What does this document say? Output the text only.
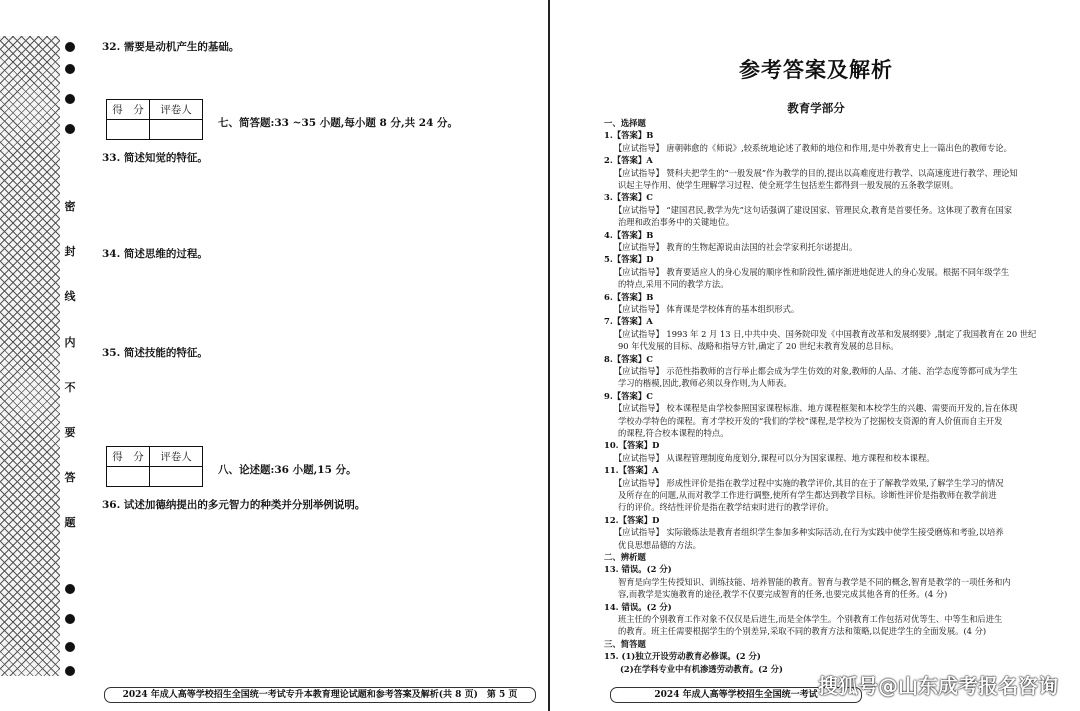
密
封
线
内
不
要
答
题
32. 需要是动机产生的基础。
得　分	评卷人

七、简答题:33 ~35 小题,每小题 8 分,共 24 分。
33. 简述知觉的特征。
34. 简述思维的过程。
35. 简述技能的特征。
得　分	评卷人

八、论述题:36 小题,15 分。
36. 试述加德纳提出的多元智力的种类并分别举例说明。
2024 年成人高等学校招生全国统一考试专升本教育理论试题和参考答案及解析(共 8 页)　第 5 页
参考答案及解析
教育学部分
一、选择题
1.【答案】B
【应试指导】 唐朝韩愈的《师说》,较系统地论述了教师的地位和作用,是中外教育史上一篇出色的教师专论。
2.【答案】A
【应试指导】 赞科夫把学生的“一般发展”作为教学的目的,提出以高难度进行教学、以高速度进行教学、理论知
识起主导作用、使学生理解学习过程、使全班学生包括差生都得到一般发展的五条教学原则。
3.【答案】C
【应试指导】 “建国君民,教学为先”这句话强调了建设国家、管理民众,教育是首要任务。这体现了教育在国家
治理和政治事务中的关键地位。
4.【答案】B
【应试指导】 教育的生物起源说由法国的社会学家利托尔诺提出。
5.【答案】D
【应试指导】 教育要适应人的身心发展的顺序性和阶段性,循序渐进地促进人的身心发展。根据不同年级学生
的特点,采用不同的教学方法。
6.【答案】B
【应试指导】 体育课是学校体育的基本组织形式。
7.【答案】A
【应试指导】 1993 年 2 月 13 日,中共中央、国务院印发《中国教育改革和发展纲要》,制定了我国教育在 20 世纪
90 年代发展的目标、战略和指导方针,确定了 20 世纪末教育发展的总目标。
8.【答案】C
【应试指导】 示范性指教师的言行举止都会成为学生仿效的对象,教师的人品、才能、治学态度等都可成为学生
学习的楷模,因此,教师必须以身作则,为人师表。
9.【答案】C
【应试指导】 校本课程是由学校参照国家课程标准、地方课程框架和本校学生的兴趣、需要而开发的,旨在体现
学校办学特色的课程。育才学校开发的“我们的学校”课程,是学校为了挖掘校支资源的育人价值而自主开发
的课程,符合校本课程的特点。
10.【答案】D
【应试指导】 从课程管理制度角度划分,课程可以分为国家课程、地方课程和校本课程。
11.【答案】A
【应试指导】 形成性评价是指在教学过程中实施的教学评价,其目的在于了解教学效果,了解学生学习的情况
及所存在的问题,从而对教学工作进行调整,使所有学生都达到教学目标。诊断性评价是指教师在教学前进
行的评价。终结性评价是指在教学结束时进行的教学评价。
12.【答案】D
【应试指导】 实际锻炼法是教育者组织学生参加多种实际活动,在行为实践中使学生接受磨炼和考验,以培养
优良思想品德的方法。
二、辨析题
13. 错误。(2 分)
智育是向学生传授知识、训练技能、培养智能的教育。智育与教学是不同的概念,智育是教学的一项任务和内
容,而教学是实施教育的途径,教学不仅要完成智育的任务,也要完成其他各育的任务。(4 分)
14. 错误。(2 分)
班主任的个别教育工作对象不仅仅是后进生,而是全体学生。个别教育工作包括对优等生、中等生和后进生
的教育。班主任需要根据学生的个别差异,采取不同的教育方法和策略,以促进学生的全面发展。(4 分)
三、简答题
15. (1)独立开设劳动教育必修课。(2 分)
(2)在学科专业中有机渗透劳动教育。(2 分)
2024 年成人高等学校招生全国统一考试 搜狐号@山东成考报名咨询
